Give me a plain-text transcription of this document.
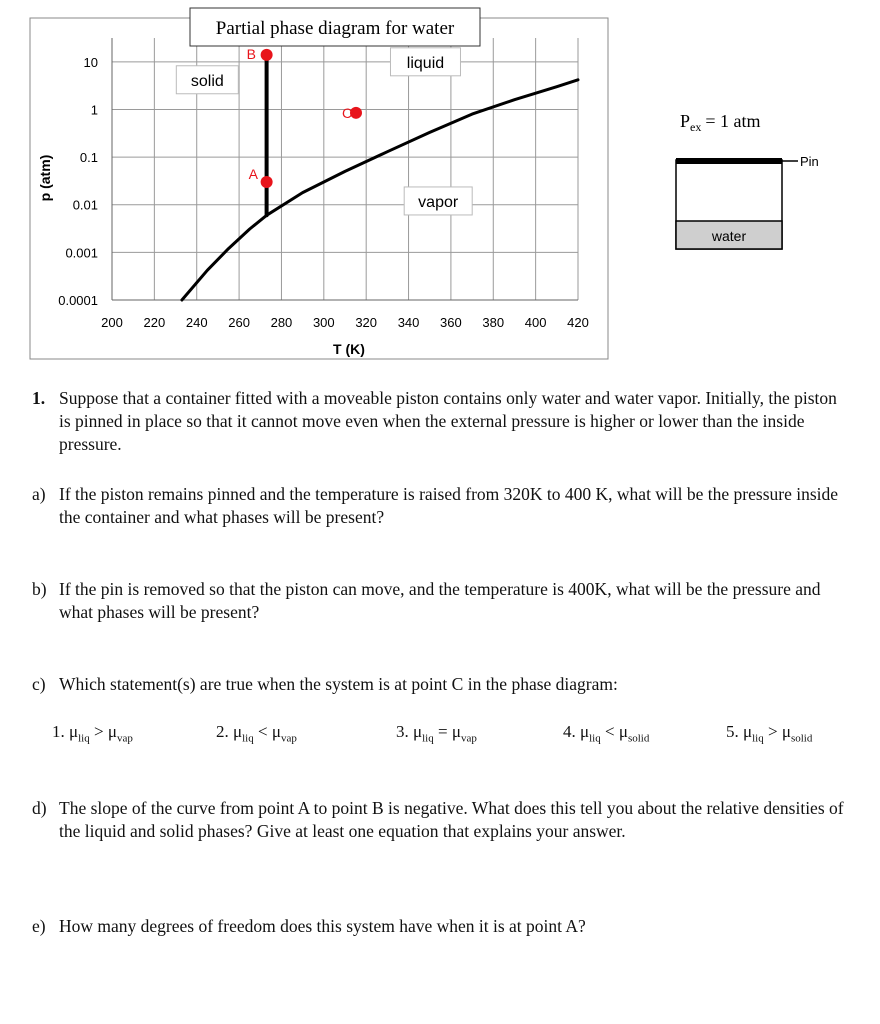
200 220 240 260 280 300 320 340 360 380 400 420
10
1
0.1
0.01
0.001
0.0001
solid
liquid
vapor
A
B
C
Partial phase diagram for water
T (K)
p (atm)
$P_{ex} = 1$ atm
water
Pin
1. Suppose that a container fitted with a moveable piston contains only water and water vapor. Initially, the piston is pinned in place so that it cannot move even when the external pressure is higher or lower than the inside pressure.
a) If the piston remains pinned and the temperature is raised from 320K to 400 K, what will be the pressure inside the container and what phases will be present?
b) If the pin is removed so that the piston can move, and the temperature is 400K, what will be the pressure and what phases will be present?
c) Which statement(s) are true when the system is at point C in the phase diagram:
1. $\mu_{liq} > \mu_{vap}$	2. $\mu_{liq} < \mu_{vap}$	3. $\mu_{liq} = \mu_{vap}$	4. $\mu_{liq} < \mu_{solid}$	5. $\mu_{liq} > \mu_{solid}$
d) The slope of the curve from point A to point B is negative. What does this tell you about the relative densities of the liquid and solid phases? Give at least one equation that explains your answer.
e) How many degrees of freedom does this system have when it is at point A?
